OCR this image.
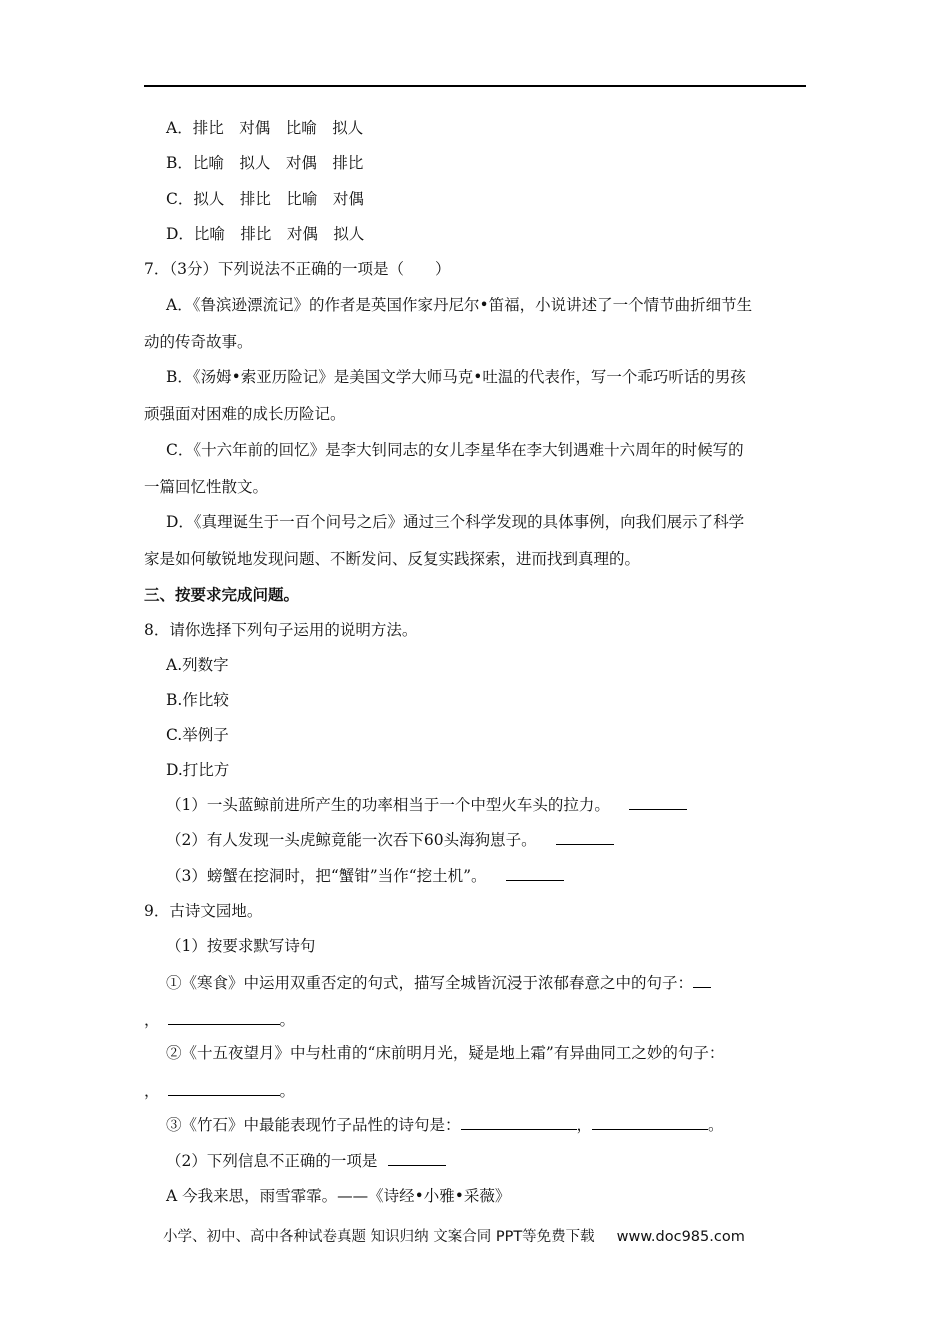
A．排比　对偶　比喻　拟人
B．比喻　拟人　对偶　排比
C．拟人　排比　比喻　对偶
D．比喻　排比　对偶　拟人
7．（3分）下列说法不正确的一项是（　　）
A．《鲁滨逊漂流记》的作者是英国作家丹尼尔•笛福，小说讲述了一个情节曲折细节生
动的传奇故事。
B．《汤姆•索亚历险记》是美国文学大师马克•吐温的代表作，写一个乖巧听话的男孩
顽强面对困难的成长历险记。
C．《十六年前的回忆》是李大钊同志的女儿李星华在李大钊遇难十六周年的时候写的
一篇回忆性散文。
D．《真理诞生于一百个问号之后》通过三个科学发现的具体事例，向我们展示了科学
家是如何敏锐地发现问题、不断发问、反复实践探索，进而找到真理的。
三、按要求完成问题。
8．请你选择下列句子运用的说明方法。
A.列数字
B.作比较
C.举例子
D.打比方
（1）一头蓝鲸前进所产生的功率相当于一个中型火车头的拉力。
（2）有人发现一头虎鲸竟能一次吞下60头海狗崽子。
（3）螃蟹在挖洞时，把“蟹钳”当作“挖土机”。
9．古诗文园地。
（1）按要求默写诗句
①《寒食》中运用双重否定的句式，描写全城皆沉浸于浓郁春意之中的句子：
，	。
②《十五夜望月》中与杜甫的“床前明月光，疑是地上霜”有异曲同工之妙的句子：
，	。
③《竹石》中最能表现竹子品性的诗句是：	，	。
（2）下列信息不正确的一项是
A 今我来思，雨雪霏霏。——《诗经•小雅•采薇》
小学、初中、高中各种试卷真题 知识归纳 文案合同 PPT等免费下载 www.doc985.com
